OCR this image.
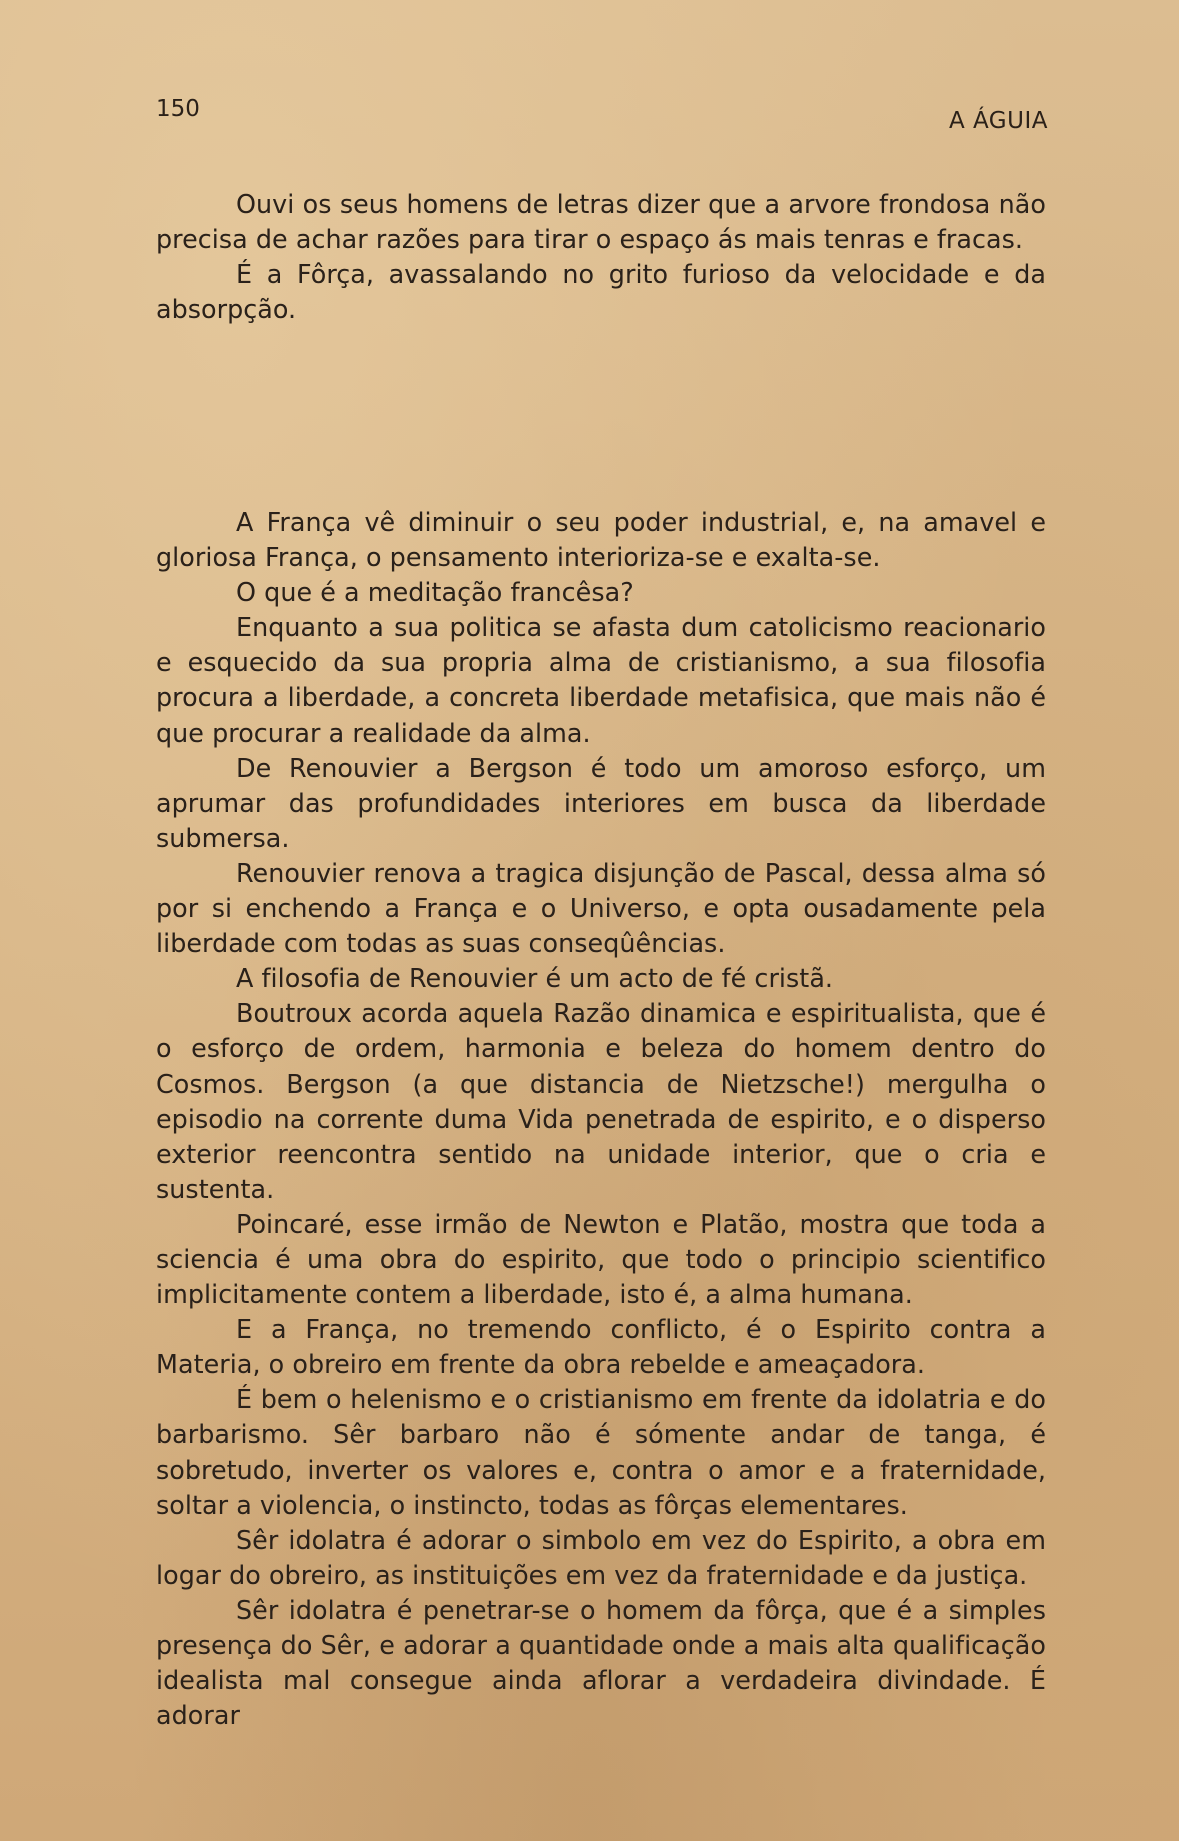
150	A ÁGUIA

Ouvi os seus homens de letras dizer que a arvore frondosa não precisa de achar razões para tirar o espaço ás mais tenras e fracas.

É a Fôrça, avassalando no grito furioso da velocidade e da absorpção.

A França vê diminuir o seu poder industrial, e, na amavel e gloriosa França, o pensamento interioriza-se e exalta-se.

O que é a meditação francêsa?

Enquanto a sua politica se afasta dum catolicismo reacionario e esquecido da sua propria alma de cristianismo, a sua filosofia procura a liberdade, a concreta liberdade metafisica, que mais não é que procurar a realidade da alma.

De Renouvier a Bergson é todo um amoroso esforço, um aprumar das profundidades interiores em busca da liberdade submersa.

Renouvier renova a tragica disjunção de Pascal, dessa alma só por si enchendo a França e o Universo, e opta ousadamente pela liberdade com todas as suas conseqûências.

A filosofia de Renouvier é um acto de fé cristã.

Boutroux acorda aquela Razão dinamica e espiritualista, que é o esforço de ordem, harmonia e beleza do homem dentro do Cosmos. Bergson (a que distancia de Nietzsche!) mergulha o episodio na corrente duma Vida penetrada de espirito, e o disperso exterior reencontra sentido na unidade interior, que o cria e sustenta.

Poincaré, esse irmão de Newton e Platão, mostra que toda a sciencia é uma obra do espirito, que todo o principio scientifico implicitamente contem a liberdade, isto é, a alma humana.

E a França, no tremendo conflicto, é o Espirito contra a Materia, o obreiro em frente da obra rebelde e ameaçadora.

É bem o helenismo e o cristianismo em frente da idolatria e do barbarismo. Sêr barbaro não é sómente andar de tanga, é sobretudo, inverter os valores e, contra o amor e a fraternidade, soltar a violencia, o instincto, todas as fôrças elementares.

Sêr idolatra é adorar o simbolo em vez do Espirito, a obra em logar do obreiro, as instituições em vez da fraternidade e da justiça.

Sêr idolatra é penetrar-se o homem da fôrça, que é a simples presença do Sêr, e adorar a quantidade onde a mais alta qualificação idealista mal consegue ainda aflorar a verdadeira divindade. É adorar
